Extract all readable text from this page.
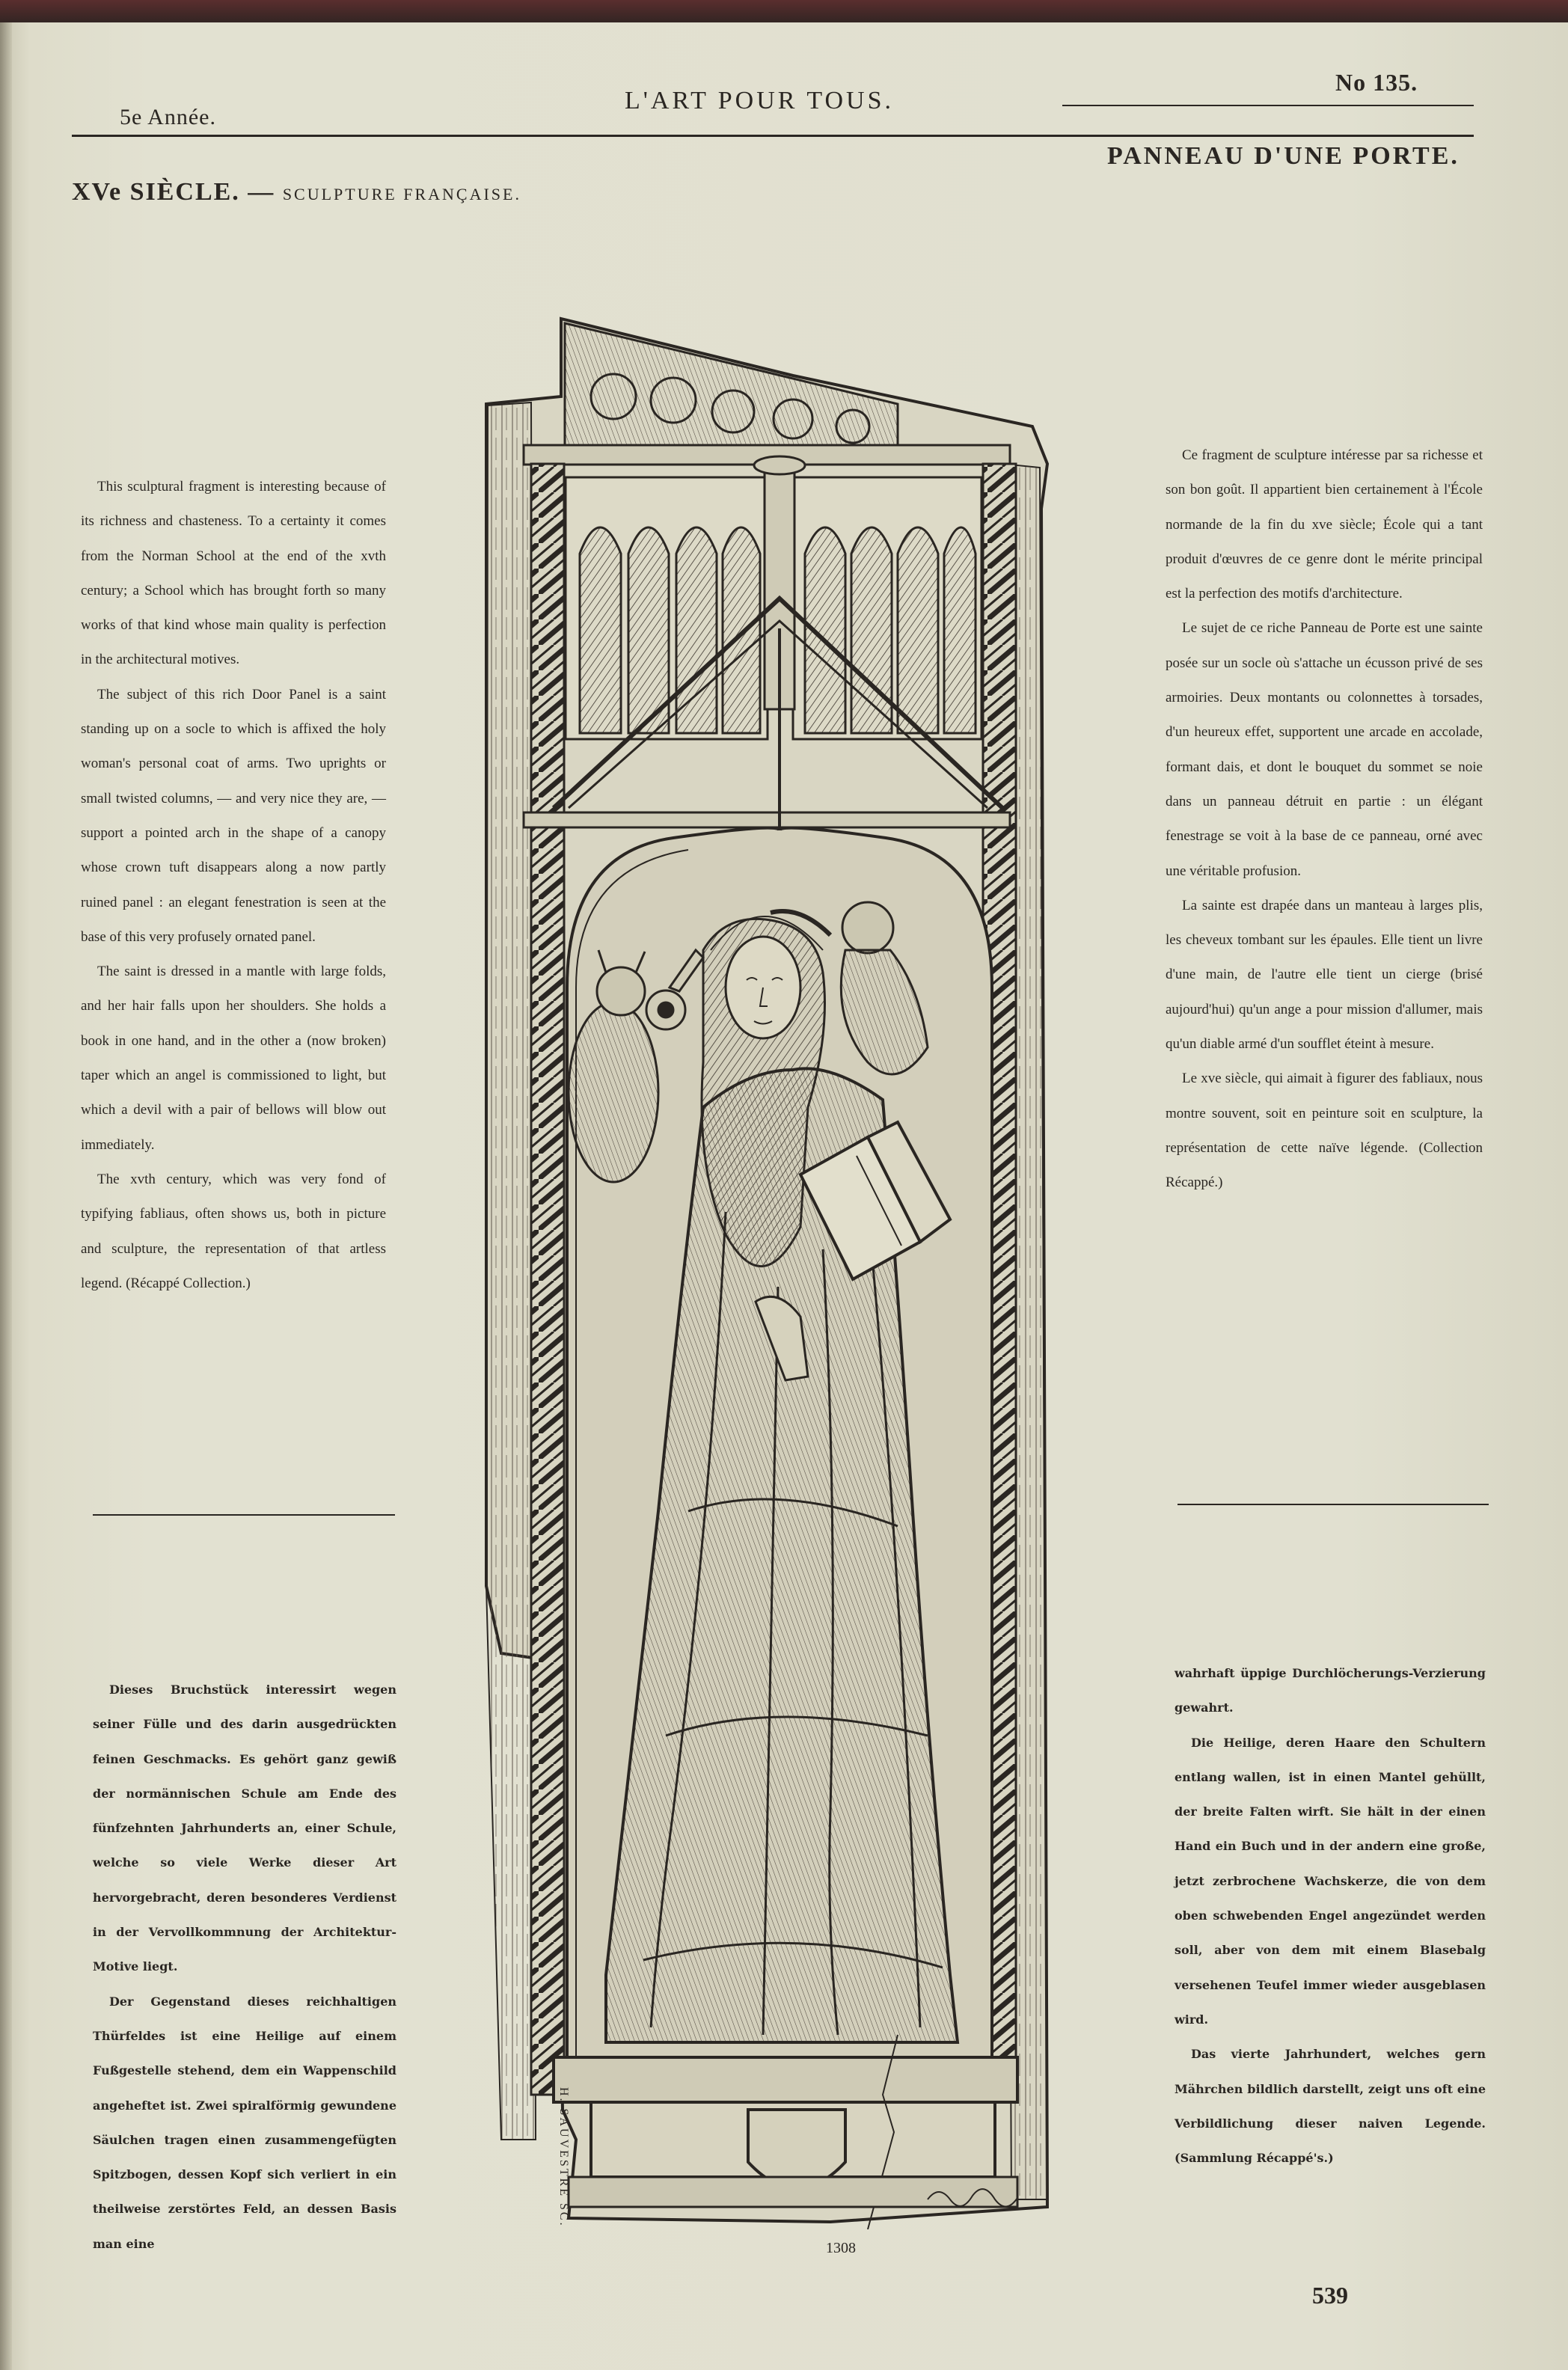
5e Année.
L'ART POUR TOUS.
No 135.
XVe SIÈCLE. — SCULPTURE FRANÇAISE.
PANNEAU D'UNE PORTE.

This sculptural fragment is interesting because of its richness and chasteness. To a certainty it comes from the Norman School at the end of the xvth century; a School which has brought forth so many works of that kind whose main quality is perfection in the architectural motives.

The subject of this rich Door Panel is a saint standing up on a socle to which is affixed the holy woman's personal coat of arms. Two uprights or small twisted columns, — and very nice they are, — support a pointed arch in the shape of a canopy whose crown tuft disappears along a now partly ruined panel : an elegant fenestration is seen at the base of this very profusely ornated panel.

The saint is dressed in a mantle with large folds, and her hair falls upon her shoulders. She holds a book in one hand, and in the other a (now broken) taper which an angel is commissioned to light, but which a devil with a pair of bellows will blow out immediately.

The xvth century, which was very fond of typifying fabliaus, often shows us, both in picture and sculpture, the representation of that artless legend. (Récappé Collection.)

Ce fragment de sculpture intéresse par sa richesse et son bon goût. Il appartient bien certainement à l'École normande de la fin du xve siècle; École qui a tant produit d'œuvres de ce genre dont le mérite principal est la perfection des motifs d'architecture.

Le sujet de ce riche Panneau de Porte est une sainte posée sur un socle où s'attache un écusson privé de ses armoiries. Deux montants ou colonnettes à torsades, d'un heureux effet, supportent une arcade en accolade, formant dais, et dont le bouquet du sommet se noie dans un panneau détruit en partie : un élégant fenestrage se voit à la base de ce panneau, orné avec une véritable profusion.

La sainte est drapée dans un manteau à larges plis, les cheveux tombant sur les épaules. Elle tient un livre d'une main, de l'autre elle tient un cierge (brisé aujourd'hui) qu'un ange a pour mission d'allumer, mais qu'un diable armé d'un soufflet éteint à mesure.

Le xve siècle, qui aimait à figurer des fabliaux, nous montre souvent, soit en peinture soit en sculpture, la représentation de cette naïve légende. (Collection Récappé.)

Dieses Bruchstück interessirt wegen seiner Fülle und des darin ausgedrückten feinen Geschmacks. Es gehört ganz gewiß der normännischen Schule am Ende des fünfzehnten Jahrhunderts an, einer Schule, welche so viele Werke dieser Art hervorgebracht, deren besonderes Verdienst in der Vervollkommnung der Architektur-Motive liegt.

Der Gegenstand dieses reichhaltigen Thürfeldes ist eine Heilige auf einem Fußgestelle stehend, dem ein Wappenschild angeheftet ist. Zwei spiralförmig gewundene Säulchen tragen einen zusammengefügten Spitzbogen, dessen Kopf sich verliert in ein theilweise zerstörtes Feld, an dessen Basis man eine

wahrhaft üppige Durchlöcherungs-Verzierung gewahrt.

Die Heilige, deren Haare den Schultern entlang wallen, ist in einen Mantel gehüllt, der breite Falten wirft. Sie hält in der einen Hand ein Buch und in der andern eine große, jetzt zerbrochene Wachskerze, die von dem oben schwebenden Engel angezündet werden soll, aber von dem mit einem Blasebalg versehenen Teufel immer wieder ausgeblasen wird.

Das vierte Jahrhundert, welches gern Mährchen bildlich darstellt, zeigt uns oft eine Verbildlichung dieser naiven Legende. (Sammlung Récappé's.)

H. SAUVESTRE SC.
1308
539
